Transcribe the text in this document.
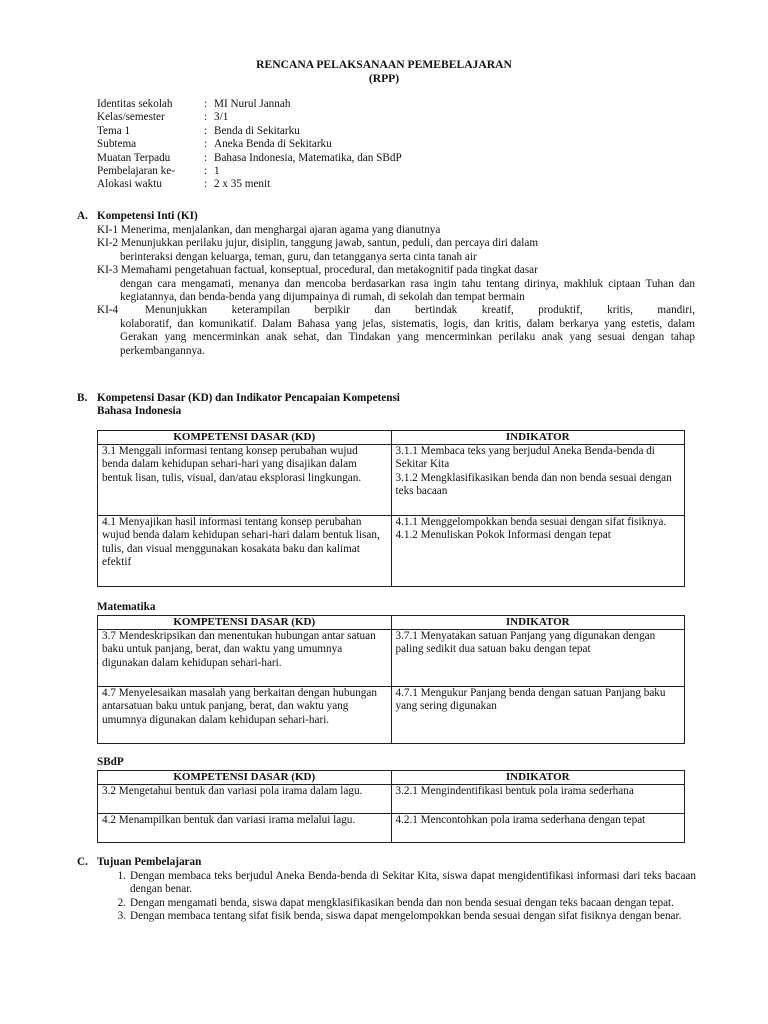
RENCANA PELAKSANAAN PEMEBELAJARAN
(RPP)
Identitas sekolah	: MI Nurul Jannah
Kelas/semester	: 3/1
Tema 1	: Benda di Sekitarku
Subtema	: Aneka Benda di Sekitarku
Muatan Terpadu	: Bahasa Indonesia, Matematika, dan SBdP
Pembelajaran ke-	: 1
Alokasi waktu	: 2 x 35 menit
A. Kompetensi Inti (KI)
KI-1 Menerima, menjalankan, dan menghargai ajaran agama yang dianutnya
KI-2 Menunjukkan perilaku jujur, disiplin, tanggung jawab, santun, peduli, dan percaya diri dalam
berinteraksi dengan keluarga, teman, guru, dan tetangganya serta cinta tanah air
KI-3 Memahami pengetahuan factual, konseptual, procedural, dan metakognitif pada tingkat dasar
dengan cara mengamati, menanya dan mencoba berdasarkan rasa ingin tahu tentang dirinya, makhluk ciptaan Tuhan dan kegiatannya, dan benda-benda yang dijumpainya di rumah, di sekolah dan tempat bermain
KI-4	Menunjukkan keterampilan berpikir dan bertindak kreatif, produktif, kritis, mandiri,
kolaboratif, dan komunikatif. Dalam Bahasa yang jelas, sistematis, logis, dan kritis, dalam berkarya yang estetis, dalam Gerakan yang mencerminkan anak sehat, dan Tindakan yang mencerminkan perilaku anak yang sesuai dengan tahap perkembangannya.
B. Kompetensi Dasar (KD) dan Indikator Pencapaian Kompetensi
Bahasa Indonesia
KOMPETENSI DASAR (KD)	INDIKATOR
3.1 Menggali informasi tentang konsep perubahan wujud benda dalam kehidupan sehari-hari yang disajikan dalam bentuk lisan, tulis, visual, dan/atau eksplorasi lingkungan.	3.1.1 Membaca teks yang berjudul Aneka Benda-benda di Sekitar Kita
3.1.2 Mengklasifikasikan benda dan non benda sesuai dengan teks bacaan

4.1 Menyajikan hasil informasi tentang konsep perubahan wujud benda dalam kehidupan sehari-hari dalam bentuk lisan, tulis, dan visual menggunakan kosakata baku dan kalimat efektif	4.1.1 Menggelompokkan benda sesuai dengan sifat fisiknya.
4.1.2 Menuliskan Pokok Informasi dengan tepat
Matematika
KOMPETENSI DASAR (KD)	INDIKATOR
3.7 Mendeskripsikan dan menentukan hubungan antar satuan baku untuk panjang, berat, dan waktu yang umumnya digunakan dalam kehidupan sehari-hari.	3.7.1 Menyatakan satuan Panjang yang digunakan dengan paling sedikit dua satuan baku dengan tepat
4.7 Menyelesaikan masalah yang berkaitan dengan hubungan antarsatuan baku untuk panjang, berat, dan waktu yang umumnya digunakan dalam kehidupan sehari-hari.	4.7.1 Mengukur Panjang benda dengan satuan Panjang baku yang sering digunakan
SBdP
KOMPETENSI DASAR (KD)	INDIKATOR
3.2 Mengetahui bentuk dan variasi pola irama dalam lagu.	3.2.1 Mengindentifikasi bentuk pola irama sederhana
4.2 Menampilkan bentuk dan variasi irama melalui lagu.	4.2.1 Mencontohkan pola irama sederhana dengan tepat
C. Tujuan Pembelajaran
1. Dengan membaca teks berjudul Aneka Benda-benda di Sekitar Kita, siswa dapat mengidentifikasi informasi dari teks bacaan dengan benar.
2. Dengan mengamati benda, siswa dapat mengklasifikasikan benda dan non benda sesuai dengan teks bacaan dengan tepat.
3. Dengan membaca tentang sifat fisik benda, siswa dapat mengelompokkan benda sesuai dengan sifat fisiknya dengan benar.
